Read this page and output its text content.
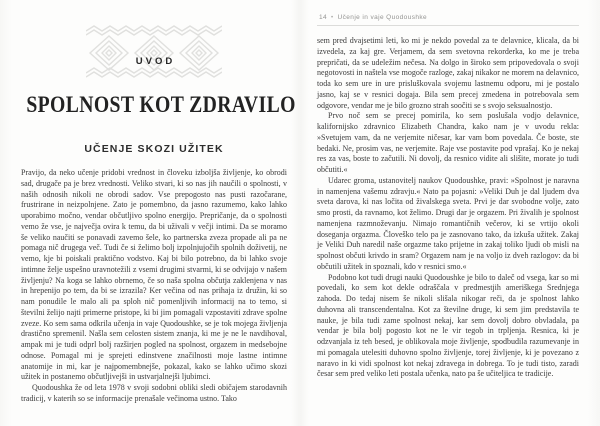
UVOD
SPOLNOST KOT ZDRAVILO
UČENJE SKOZI UŽITEK

Pravijo, da neko učenje pridobi vrednost in človeku izboljša življenje, ko obrodi sad, drugače pa je brez vrednosti. Veliko stvari, ki so nas jih naučili o spolnosti, v naših odnosih nikoli ne obrodi sadov. Vse prepogosto nas pusti razočarane, frustrirane in neizpolnjene. Zato je pomembno, da jasno razumemo, kako lahko uporabimo močno, vendar občutljivo spolno energijo. Prepričanje, da o spolnosti vemo že vse, je največja ovira k temu, da bi uživali v večji intimi. Da se moramo še veliko naučiti se ponavadi zavemo šele, ko partnerska zveza propade ali pa ne pomaga nič drugega več. Tudi če si želimo bolj izpolnjujočih spolnih doživetij, ne vemo, kje bi poiskali praktično vodstvo. Kaj bi bilo potrebno, da bi lahko svoje intimne želje uspešno uravnotežili z vsemi drugimi stvarmi, ki se odvijajo v našem življenju? Na koga se lahko obrnemo, če so naša spolna občutja zaklenjena v nas in hrepenijo po tem, da bi se izrazila? Ker večina od nas prihaja iz družin, ki so nam ponudile le malo ali pa sploh nič pomenljivih informacij na to temo, si številni želijo najti primerne pristope, ki bi jim pomagali vzpostaviti zdrave spolne zveze. Ko sem sama odkrila učenja in vaje Quodoushke, se je tok mojega življenja drastično spremenil. Našla sem celosten sistem znanja, ki me je ne le navdihoval, ampak mi je tudi odprl bolj razširjen pogled na spolnost, orgazem in medsebojne odnose. Pomagal mi je sprejeti edinstvene značilnosti moje lastne intimne anatomije in mi, kar je najpomembnejše, pokazal, kako se lahko učimo skozi užitek in postanemo občutljivejši in ustvarjalnejši ljubimci.

Quodoushka že od leta 1978 v svoji sodobni obliki sledi običajem starodavnih tradicij, v katerih so se informacije prenašale večinoma ustno. Tako

14 • Učenje in vaje Quodoushke

sem pred dvajsetimi leti, ko mi je nekdo povedal za te delavnice, klicala, da bi izvedela, za kaj gre. Verjamem, da sem svetovna rekorderka, ko me je treba prepričati, da se udeležim nečesa. Na dolgo in široko sem pripovedovala o svoji negotovosti in naštela vse mogoče razloge, zakaj nikakor ne morem na delavnico, toda ko sem ure in ure prisluškovala svojemu lastnemu odporu, mi je postalo jasno, kaj se v resnici dogaja. Bila sem precej zmedena in potrebovala sem odgovore, vendar me je bilo grozno strah soočiti se s svojo seksualnostjo.

Prvo noč sem se precej pomirila, ko sem poslušala vodjo delavnice, kalifornijsko zdravnico Elizabeth Chandra, kako nam je v uvodu rekla: »Svetujem vam, da ne verjemite ničesar, kar vam bom povedala. Če boste, ste bedaki. Ne, prosim vas, ne verjemite. Raje vse postavite pod vprašaj. Ko je nekaj res za vas, boste to začutili. Ni dovolj, da resnico vidite ali slišite, morate jo tudi občutiti.«

Udarec groma, ustanovitelj naukov Quodoushke, pravi: »Spolnost je naravna in namenjena vašemu zdravju.« Nato pa pojasni: »Veliki Duh je dal ljudem dva sveta darova, ki nas ločita od živalskega sveta. Prvi je dar svobodne volje, zato smo prosti, da ravnamo, kot želimo. Drugi dar je orgazem. Pri živalih je spolnost namenjena razmnoževanju. Nimajo romantičnih večerov, ki se vrtijo okoli doseganja orgazma. Človeško telo pa je zasnovano tako, da izkuša užitek. Zakaj je Veliki Duh naredil naše orgazme tako prijetne in zakaj toliko ljudi ob misli na spolnost občuti krivdo in sram? Orgazem nam je na voljo iz dveh razlogov: da bi občutili užitek in spoznali, kdo v resnici smo.«

Podobno kot tudi drugi nauki Quodoushke je bilo to daleč od vsega, kar so mi povedali, ko sem kot dekle odraščala v predmestjih ameriškega Srednjega zahoda. Do tedaj nisem še nikoli slišala nikogar reči, da je spolnost lahko duhovna ali transcendentalna. Kot za številne druge, ki sem jim predstavila te nauke, je bila tudi zame spolnost nekaj, kar sem dovolj dobro obvladala, pa vendar je bila bolj pogosto kot ne le vir tegob in trpljenja. Resnica, ki je odzvanjala iz teh besed, je oblikovala moje življenje, spodbudila razumevanje in mi pomagala utelesiti duhovno spolno življenje, torej življenje, ki je povezano z naravo in ki vidi spolnost kot nekaj zdravega in dobrega. To je tudi tisto, zaradi česar sem pred veliko leti postala učenka, nato pa še učiteljica te tradicije.
